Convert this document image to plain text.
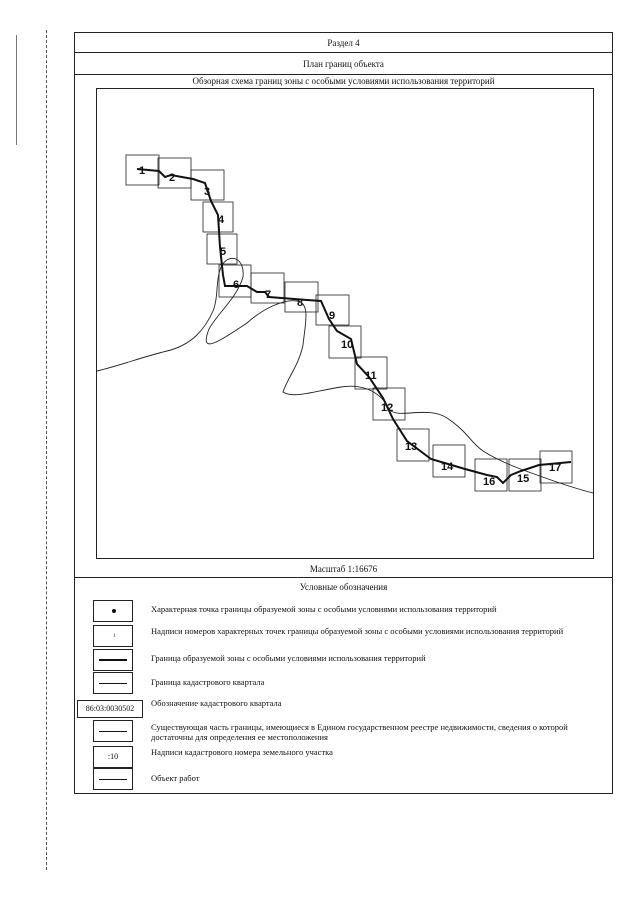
Раздел 4
План границ объекта
Обзорная схема границ зоны с особыми условиями использования территорий
1
2
3
4
5
6
7
8
9
10
11
12
13
14
15
16
17
Масштаб 1:16676
Условные обозначения
Характерная точка границы образуемой зоны с особыми условиями использования территорий
1
Надписи номеров характерных точек границы образуемой зоны с особыми условиями использования территорий
Граница образуемой зоны с особыми условиями использования территорий
Граница кадастрового квартала
86:03:0030502
Обозначение кадастрового квартала
Существующая часть границы, имеющиеся в Едином государственном реестре недвижимости, сведения о которой достаточны для определения ее местоположения
:10	Надписи кадастрового номера земельного участка
Объект работ
